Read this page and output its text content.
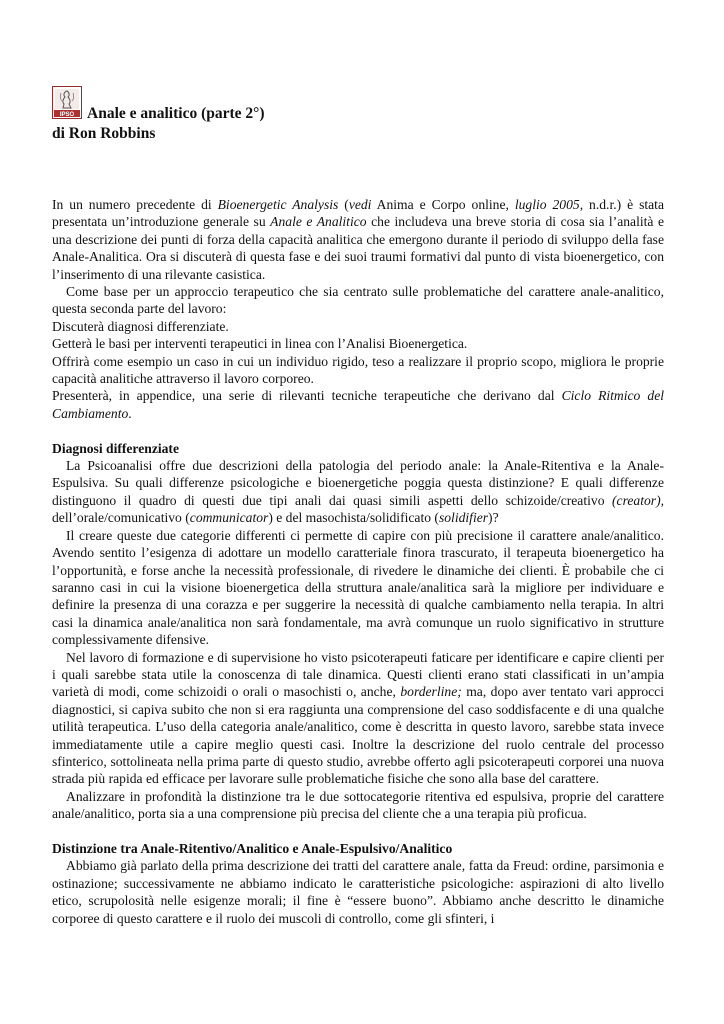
IPSO Anale e analitico (parte 2°)
di Ron Robbins

In un numero precedente di Bioenergetic Analysis (vedi Anima e Corpo online, luglio 2005, n.d.r.) è stata presentata un’introduzione generale su Anale e Analitico che includeva una breve storia di cosa sia l’analità e una descrizione dei punti di forza della capacità analitica che emergono durante il periodo di sviluppo della fase Anale-Analitica. Ora si discuterà di questa fase e dei suoi traumi formativi dal punto di vista bioenergetico, con l’inserimento di una rilevante casistica.

Come base per un approccio terapeutico che sia centrato sulle problematiche del carattere anale-analitico, questa seconda parte del lavoro:

Discuterà diagnosi differenziate.

Getterà le basi per interventi terapeutici in linea con l’Analisi Bioenergetica.

Offrirà come esempio un caso in cui un individuo rigido, teso a realizzare il proprio scopo, migliora le proprie capacità analitiche attraverso il lavoro corporeo.

Presenterà, in appendice, una serie di rilevanti tecniche terapeutiche che derivano dal Ciclo Ritmico del Cambiamento.

Diagnosi differenziate

La Psicoanalisi offre due descrizioni della patologia del periodo anale: la Anale-Ritentiva e la Anale-Espulsiva. Su quali differenze psicologiche e bioenergetiche poggia questa distinzione? E quali differenze distinguono il quadro di questi due tipi anali dai quasi simili aspetti dello schizoide/creativo (creator), dell’orale/comunicativo (communicator) e del masochista/solidificato (solidifier)?

Il creare queste due categorie differenti ci permette di capire con più precisione il carattere anale/analitico. Avendo sentito l’esigenza di adottare un modello caratteriale finora trascurato, il terapeuta bioenergetico ha l’opportunità, e forse anche la necessità professionale, di rivedere le dinamiche dei clienti. È probabile che ci saranno casi in cui la visione bioenergetica della struttura anale/analitica sarà la migliore per individuare e definire la presenza di una corazza e per suggerire la necessità di qualche cambiamento nella terapia. In altri casi la dinamica anale/analitica non sarà fondamentale, ma avrà comunque un ruolo significativo in strutture complessivamente difensive.

Nel lavoro di formazione e di supervisione ho visto psicoterapeuti faticare per identificare e capire clienti per i quali sarebbe stata utile la conoscenza di tale dinamica. Questi clienti erano stati classificati in un’ampia varietà di modi, come schizoidi o orali o masochisti o, anche, borderline; ma, dopo aver tentato vari approcci diagnostici, si capiva subito che non si era raggiunta una comprensione del caso soddisfacente e di una qualche utilità terapeutica. L’uso della categoria anale/analitico, come è descritta in questo lavoro, sarebbe stata invece immediatamente utile a capire meglio questi casi. Inoltre la descrizione del ruolo centrale del processo sfinterico, sottolineata nella prima parte di questo studio, avrebbe offerto agli psicoterapeuti corporei una nuova strada più rapida ed efficace per lavorare sulle problematiche fisiche che sono alla base del carattere.

Analizzare in profondità la distinzione tra le due sottocategorie ritentiva ed espulsiva, proprie del carattere anale/analitico, porta sia a una comprensione più precisa del cliente che a una terapia più proficua.

Distinzione tra Anale-Ritentivo/Analitico e Anale-Espulsivo/Analitico

Abbiamo già parlato della prima descrizione dei tratti del carattere anale, fatta da Freud: ordine, parsimonia e ostinazione; successivamente ne abbiamo indicato le caratteristiche psicologiche: aspirazioni di alto livello etico, scrupolosità nelle esigenze morali; il fine è “essere buono”. Abbiamo anche descritto le dinamiche corporee di questo carattere e il ruolo dei muscoli di controllo, come gli sfinteri, i
